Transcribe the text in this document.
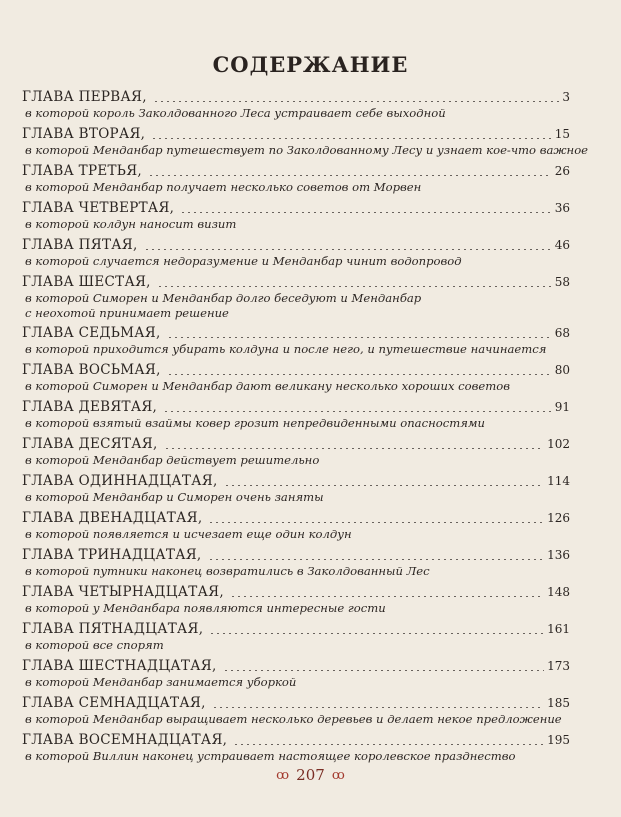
СОДЕРЖАНИЕ
ГЛАВА ПЕРВАЯ,	3
в которой король Заколдованного Леса устраивает себе выходной
ГЛАВА ВТОРАЯ,	15
в которой Менданбар путешествует по Заколдованному Лесу и узнает кое-что важное
ГЛАВА ТРЕТЬЯ,	26
в которой Менданбар получает несколько советов от Морвен
ГЛАВА ЧЕТВЕРТАЯ,	36
в которой колдун наносит визит
ГЛАВА ПЯТАЯ,	46
в которой случается недоразумение и Менданбар чинит водопровод
ГЛАВА ШЕСТАЯ,	58
в которой Симорен и Менданбар долго беседуют и Менданбар
с неохотой принимает решение
ГЛАВА СЕДЬМАЯ,	68
в которой приходится убирать колдуна и после него, и путешествие начинается
ГЛАВА ВОСЬМАЯ,	80
в которой Симорен и Менданбар дают великану несколько хороших советов
ГЛАВА ДЕВЯТАЯ,	91
в которой взятый взаймы ковер грозит непредвиденными опасностями
ГЛАВА ДЕСЯТАЯ,	102
в которой Менданбар действует решительно
ГЛАВА ОДИННАДЦАТАЯ,	114
в которой Менданбар и Симорен очень заняты
ГЛАВА ДВЕНАДЦАТАЯ,	126
в которой появляется и исчезает еще один колдун
ГЛАВА ТРИНАДЦАТАЯ,	136
в которой путники наконец возвратились в Заколдованный Лес
ГЛАВА ЧЕТЫРНАДЦАТАЯ,	148
в которой у Менданбара появляются интересные гости
ГЛАВА ПЯТНАДЦАТАЯ,	161
в которой все спорят
ГЛАВА ШЕСТНАДЦАТАЯ,	173
в которой Менданбар занимается уборкой
ГЛАВА СЕМНАДЦАТАЯ,	185
в которой Менданбар выращивает несколько деревьев и делает некое предложение
ГЛАВА ВОСЕМНАДЦАТАЯ,	195
в которой Виллин наконец устраивает настоящее королевское празднество
ꝏ 207 ꝏ
